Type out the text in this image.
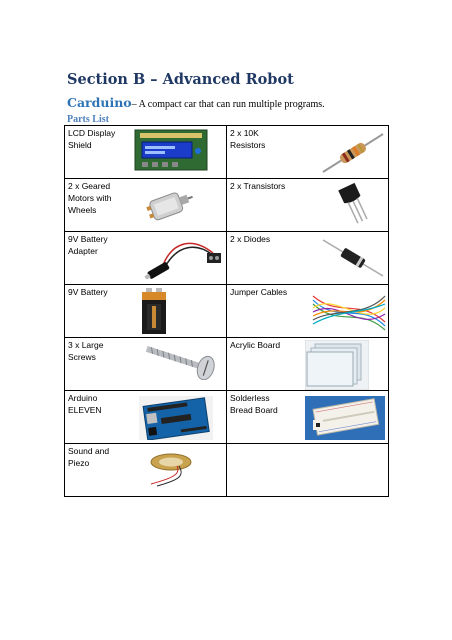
Section B – Advanced Robot
Carduino– A compact car that can run multiple programs.
Parts List
LCD Display Shield	2 x 10K Resistors

2 x Geared Motors with Wheels	2 x Transistors

9V Battery Adapter	2 x Diodes

9V Battery	Jumper Cables

3 x Large Screws	Acrylic Board

Arduino ELEVEN	Solderless Bread Board

Sound and Piezo	
